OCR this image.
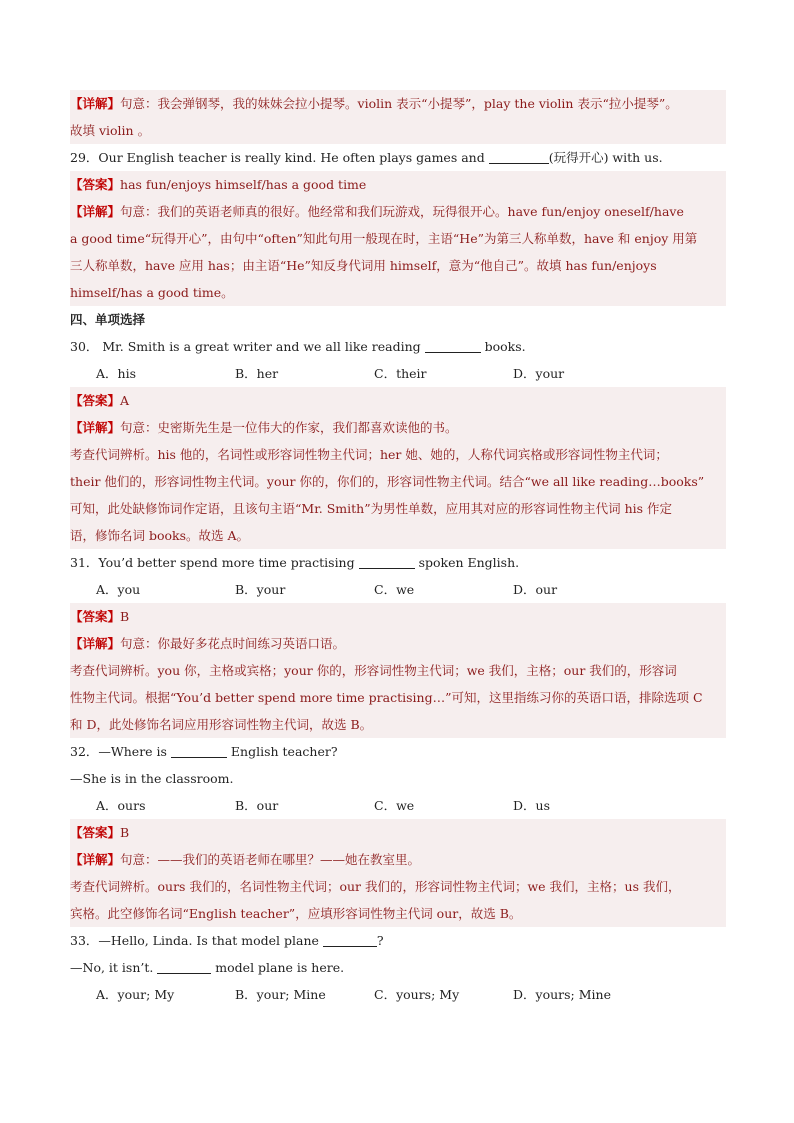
【详解】句意：我会弹钢琴，我的妹妹会拉小提琴。violin 表示“小提琴”，play the violin 表示“拉小提琴”。
故填 violin 。
29．Our English teacher is really kind. He often plays games and	(玩得开心) with us.
【答案】has fun/enjoys himself/has a good time
【详解】句意：我们的英语老师真的很好。他经常和我们玩游戏，玩得很开心。have fun/enjoy oneself/have
a good time“玩得开心”，由句中“often”知此句用一般现在时，主语“He”为第三人称单数，have 和 enjoy 用第
三人称单数，have 应用 has；由主语“He”知反身代词用 himself，意为“他自己”。故填 has fun/enjoys
himself/has a good time。
四、单项选择
30． Mr. Smith is a great writer and we all like reading	books.
A．his	B．her	C．their	D．your
【答案】A
【详解】句意：史密斯先生是一位伟大的作家，我们都喜欢读他的书。
考查代词辨析。his 他的，名词性或形容词性物主代词；her 她、她的，人称代词宾格或形容词性物主代词；
their 他们的，形容词性物主代词。your 你的，你们的，形容词性物主代词。结合“we all like reading…books”
可知，此处缺修饰词作定语，且该句主语“Mr. Smith”为男性单数，应用其对应的形容词性物主代词 his 作定
语，修饰名词 books。故选 A。
31．You’d better spend more time practising	spoken English.
A．you	B．your	C．we	D．our
【答案】B
【详解】句意：你最好多花点时间练习英语口语。
考查代词辨析。you 你，主格或宾格；your 你的，形容词性物主代词；we 我们，主格；our 我们的，形容词
性物主代词。根据“You’d better spend more time practising…”可知，这里指练习你的英语口语，排除选项 C
和 D，此处修饰名词应用形容词性物主代词，故选 B。
32．—Where is	English teacher?
—She is in the classroom.
A．ours	B．our	C．we	D．us
【答案】B
【详解】句意：——我们的英语老师在哪里？——她在教室里。
考查代词辨析。ours 我们的，名词性物主代词；our 我们的，形容词性物主代词；we 我们，主格；us 我们，
宾格。此空修饰名词“English teacher”，应填形容词性物主代词 our，故选 B。
33．—Hello, Linda. Is that model plane	?
—No, it isn’t.	model plane is here.
A．your; My	B．your; Mine	C．yours; My	D．yours; Mine
